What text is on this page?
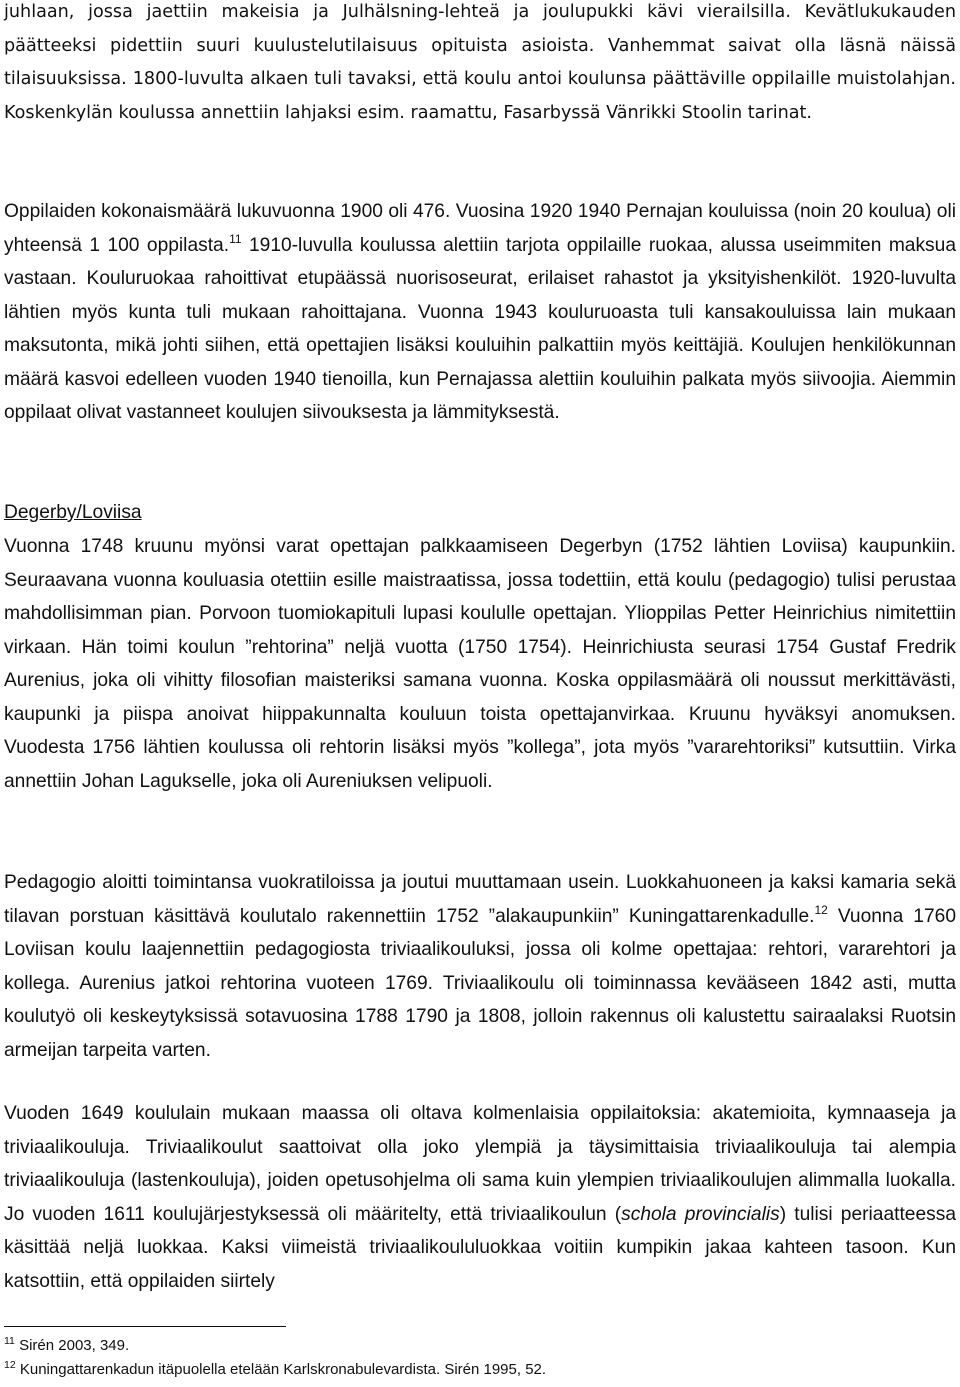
juhlaan, jossa jaettiin makeisia ja Julhälsning-lehteä ja joulupukki kävi vierailsilla. Kevätlukukauden päätteeksi pidettiin suuri kuulustelutilaisuus opituista asioista. Vanhemmat saivat olla läsnä näissä tilaisuuksissa. 1800-luvulta alkaen tuli tavaksi, että koulu antoi koulunsa päättäville oppilaille muistolahjan. Koskenkylän koulussa annettiin lahjaksi esim. raamattu, Fasarbyssä Vänrikki Stoolin tarinat.

Oppilaiden kokonaismäärä lukuvuonna 1900 oli 476. Vuosina 1920 1940 Pernajan kouluissa (noin 20 koulua) oli yhteensä 1 100 oppilasta.$^{11}$ 1910-luvulla koulussa alettiin tarjota oppilaille ruokaa, alussa useimmiten maksua vastaan. Kouluruokaa rahoittivat etupäässä nuorisoseurat, erilaiset rahastot ja yksityishenkilöt. 1920-luvulta lähtien myös kunta tuli mukaan rahoittajana. Vuonna 1943 kouluruoasta tuli kansakouluissa lain mukaan maksutonta, mikä johti siihen, että opettajien lisäksi kouluihin palkattiin myös keittäjiä. Koulujen henkilökunnan määrä kasvoi edelleen vuoden 1940 tienoilla, kun Pernajassa alettiin kouluihin palkata myös siivoojia. Aiemmin oppilaat olivat vastanneet koulujen siivouksesta ja lämmityksestä.

Degerby/Loviisa

Vuonna 1748 kruunu myönsi varat opettajan palkkaamiseen Degerbyn (1752 lähtien Loviisa) kaupunkiin. Seuraavana vuonna kouluasia otettiin esille maistraatissa, jossa todettiin, että koulu (pedagogio) tulisi perustaa mahdollisimman pian. Porvoon tuomiokapituli lupasi koululle opettajan. Ylioppilas Petter Heinrichius nimitettiin virkaan. Hän toimi koulun ”rehtorina” neljä vuotta (1750 1754). Heinrichiusta seurasi 1754 Gustaf Fredrik Aurenius, joka oli vihitty filosofian maisteriksi samana vuonna. Koska oppilasmäärä oli noussut merkittävästi, kaupunki ja piispa anoivat hiippakunnalta kouluun toista opettajanvirkaa. Kruunu hyväksyi anomuksen. Vuodesta 1756 lähtien koulussa oli rehtorin lisäksi myös ”kollega”, jota myös ”vararehtoriksi” kutsuttiin. Virka annettiin Johan Lagukselle, joka oli Aureniuksen velipuoli.

Pedagogio aloitti toimintansa vuokratiloissa ja joutui muuttamaan usein. Luokkahuoneen ja kaksi kamaria sekä tilavan porstuan käsittävä koulutalo rakennettiin 1752 ”alakaupunkiin” Kuningattarenkadulle.$^{12}$ Vuonna 1760 Loviisan koulu laajennettiin pedagogiosta triviaalikouluksi, jossa oli kolme opettajaa: rehtori, vararehtori ja kollega. Aurenius jatkoi rehtorina vuoteen 1769. Triviaalikoulu oli toiminnassa kevääseen 1842 asti, mutta koulutyö oli keskeytyksissä sotavuosina 1788 1790 ja 1808, jolloin rakennus oli kalustettu sairaalaksi Ruotsin armeijan tarpeita varten.

Vuoden 1649 koululain mukaan maassa oli oltava kolmenlaisia oppilaitoksia: akatemioita, kymnaaseja ja triviaalikouluja. Triviaalikoulut saattoivat olla joko ylempiä ja täysimittaisia triviaalikouluja tai alempia triviaalikouluja (lastenkouluja), joiden opetusohjelma oli sama kuin ylempien triviaalikoulujen alimmalla luokalla. Jo vuoden 1611 koulujärjestyksessä oli määritelty, että triviaalikoulun (schola provincialis) tulisi periaatteessa käsittää neljä luokkaa. Kaksi viimeistä triviaalikoululuokkaa voitiin kumpikin jakaa kahteen tasoon. Kun katsottiin, että oppilaiden siirtely

$^{11}$ Sirén 2003, 349.
$^{12}$ Kuningattarenkadun itäpuolella etelään Karlskronabulevardista. Sirén 1995, 52.
